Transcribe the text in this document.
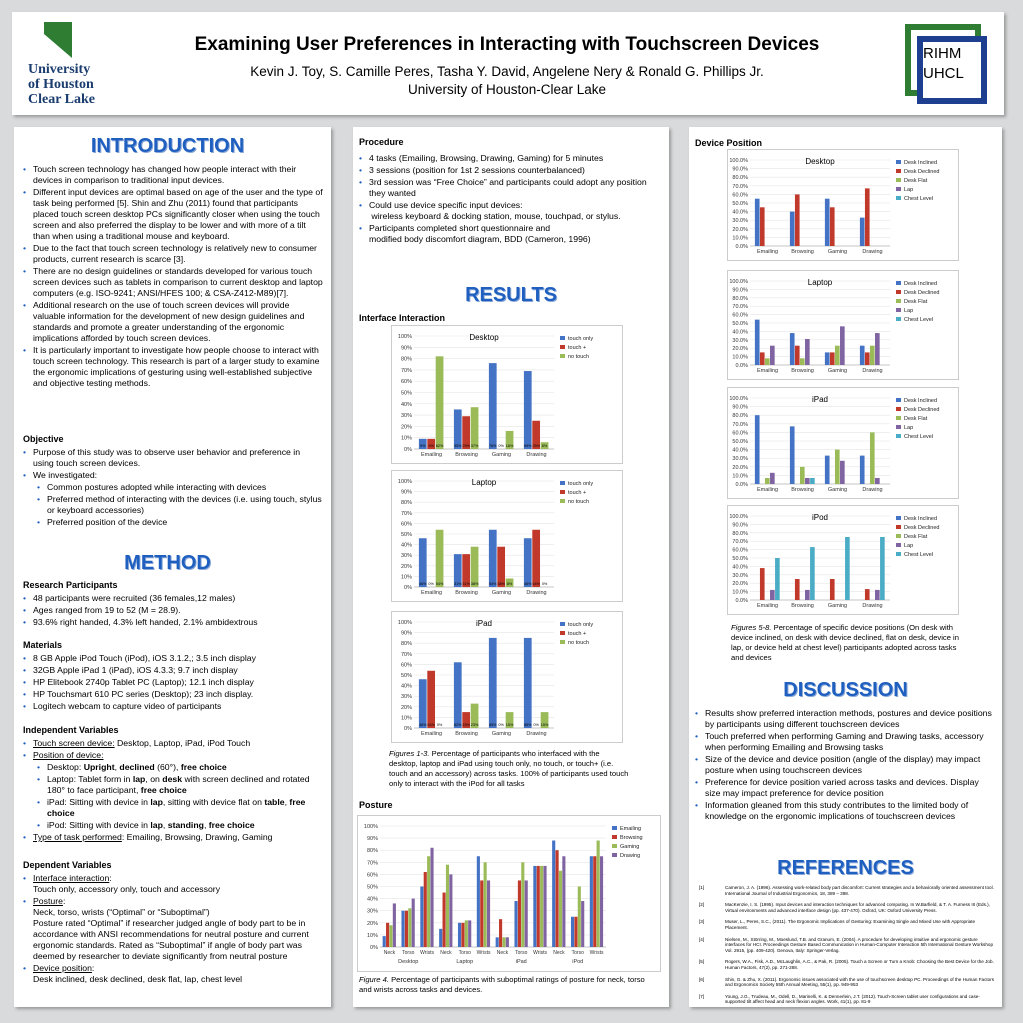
University
of Houston
Clear Lake
Examining User Preferences in Interacting with Touchscreen Devices
Kevin J. Toy, S. Camille Peres, Tasha Y. David, Angelene Nery & Ronald G. Phillips Jr.
University of Houston-Clear Lake
RIHM
UHCL
INTRODUCTION
• Touch screen technology has changed how people interact with their devices in comparison to traditional input devices.
• Different input devices are optimal based on age of the user and the type of task being performed [5]. Shin and Zhu (2011) found that participants placed touch screen desktop PCs significantly closer when using the touch screen and also preferred the display to be lower and with more of a tilt than when using a traditional mouse and keyboard.
• Due to the fact that touch screen technology is relatively new to consumer products, current research is scarce [3].
• There are no design guidelines or standards developed for various touch screen devices such as tablets in comparison to current desktop and laptop computers (e.g. ISO-9241; ANSI/HFES 100; & CSA-Z412-M89)[7].
• Additional research on the use of touch screen devices will provide valuable information for the development of new design guidelines and standards and promote a greater understanding of the ergonomic implications afforded by touch screen devices.
• It is particularly important to investigate how people choose to interact with touch screen technology. This research is part of a larger study to examine the ergonomic implications of gesturing using well-established subjective and objective testing methods.
Objective
• Purpose of this study was to observe user behavior and preference in using touch screen devices.
• We investigated:
• Common postures adopted while interacting with devices
• Preferred method of interacting with the devices (i.e. using touch, stylus or keyboard accessories)
• Preferred position of the device
METHOD
Research Participants
• 48 participants were recruited (36 females,12 males)
• Ages ranged from 19 to 52 (M = 28.9).
• 93.6% right handed, 4.3% left handed, 2.1% ambidextrous
Materials
• 8 GB Apple iPod Touch (iPod), iOS 3.1.2,; 3.5 inch display
• 32GB Apple iPad 1 (iPad), iOS 4.3.3; 9.7 inch display
• HP Elitebook 2740p Tablet PC (Laptop); 12.1 inch display
• HP Touchsmart 610 PC series (Desktop); 23 inch display.
• Logitech webcam to capture video of participants
Independent Variables
• Touch screen device: Desktop, Laptop, iPad, iPod Touch
• Position of device:
• Desktop: Upright, declined (60°), free choice
• Laptop: Tablet form in lap, on desk with screen declined and rotated 180° to face participant, free choice
• iPad: Sitting with device in lap, sitting with device flat on table, free choice
• iPod: Sitting with device in lap, standing, free choice
• Type of task performed: Emailing, Browsing, Drawing, Gaming
Dependent Variables
• Interface interaction:
Touch only, accessory only, touch and accessory
• Posture:
Neck, torso, wrists (“Optimal” or “Suboptimal”)
Posture rated “Optimal” if researcher judged angle of body part to be in accordance with ANSI recommendations for neutral posture and current ergonomic standards. Rated as “Suboptimal” if angle of body part was deemed by researcher to deviate significantly from neutral posture
• Device position:
Desk inclined, desk declined, desk flat, lap, chest level
Procedure
• 4 tasks (Emailing, Browsing, Drawing, Gaming) for 5 minutes
• 3 sessions (position for 1st 2 sessions counterbalanced)
• 3rd session was “Free Choice” and participants could adopt any position they wanted
• Could use device specific input devices:
wireless keyboard & docking station, mouse, touchpad, or stylus.
• Participants completed short questionnaire and
modified body discomfort diagram, BDD (Cameron, 1996)
RESULTS
Interface Interaction
100%
90%
80%
70%
60%
50%
40%
30%
20%
10%
0%
Desktop
9% 9% 82%
Emailing
35% 29% 37%
Browsing
76% 0% 16%
Gaming
69% 25% 6%
Drawing
touch only
touch +
no touch
100%
90%
80%
70%
60%
50%
40%
30%
20%
10%
0%
Laptop
46% 0% 54%
Emailing
31% 31% 38%
Browsing
54% 38% 8%
Gaming
46% 54% 0%
Drawing
touch only
touch +
no touch
100%
90%
80%
70%
60%
50%
40%
30%
20%
10%
0%
iPad
46% 54% 0%
Emailing
62% 15% 23%
Browsing
85% 0% 15%
Gaming
85% 0% 15%
Drawing
touch only
touch +
no touch
Figures 1-3. Percentage of participants who interfaced with the desktop, laptop and iPad using touch only, no touch, or touch+ (i.e. touch and an accessory) across tasks. 100% of participants used touch only to interact with the iPod for all tasks
Posture
100%
90%
80%
70%
60%
50%
40%
30%
20%
10%
0%
Neck Torso Wrists Neck Torso Wrists Neck Torso Wrists Neck Torso Wrists
Desktop	Laptop	iPad	iPod
Emailing
Browsing
Gaming
Drawing
Figure 4. Percentage of participants with suboptimal ratings of posture for neck, torso and wrists across tasks and devices.
Device Position
100.0%
90.0%
80.0%
70.0%
60.0%
50.0%
40.0%
30.0%
20.0%
10.0%
0.0%
Desktop
Emailing Browsing	Gaming	Drawing
Desk Inclined
Desk Declined
Desk Flat
Lap
Chest Level
100.0%
90.0%
80.0%
70.0%
60.0%
50.0%
40.0%
30.0%
20.0%
10.0%
0.0%
Laptop
Emailing Browsing	Gaming	Drawing
Desk Inclined
Desk Declined
Desk Flat
Lap
Chest Level
100.0%
90.0%
80.0%
70.0%
60.0%
50.0%
40.0%
30.0%
20.0%
10.0%
0.0%
iPad
Emailing Browsing	Gaming	Drawing
Desk Inclined
Desk Declined
Desk Flat
Lap
Chest Level
100.0%
90.0%
80.0%
70.0%
60.0%
50.0%
40.0%
30.0%
20.0%
10.0%
0.0%
iPod
Emailing Browsing	Gaming	Drawing
Desk Inclined
Desk Declined
Desk Flat
Lap
Chest Level
Figures 5-8. Percentage of specific device positions (On desk with device inclined, on desk with device declined, flat on desk, device in lap, or device held at chest level) participants adopted across tasks and devices
DISCUSSION
• Results show preferred interaction methods, postures and device positions by participants using different touchscreen devices
• Touch preferred when performing Gaming and Drawing tasks, accessory when performing Emailing and Browsing tasks
• Size of the device and device position (angle of the display) may impact posture when using touchscreen devices
• Preference for device position varied across tasks and devices. Display size may impact preference for device position
• Information gleaned from this study contributes to the limited body of knowledge on the ergonomic implications of touchscreen devices
REFERENCES
[1]	Cameron, J. A. (1996). Assessing work-related body part discomfort: Current strategies and a behaviorally oriented assessment tool. International Journal of Industrial Ergonomics, 18, 389 – 398.
[2]	MacKenzie, I. S. (1995). Input devices and interaction techniques for advanced computing. In W.Barfield, & T. A. Furness III (Eds.), Virtual environments and advanced interface design (pp. 437-470). Oxford, UK: Oxford University Press.
[3]	Muser, L., Peres, S.C., (2011). The Ergonomic Implications of Gesturing: Examining Single and Mixed Use with Appropriate Placement.
[4]	Nielsen, M., Störring, M., Moeslund, T.B. and Granum, E. (2004). A procedure for developing intuitive and ergonomic gesture interfaces for HCI. Proceedings Gesture Based Communication in Human-Computer Interaction 5th International Gesture Workshop Vol. 2915, (pp. 409-420). Genova, Italy: Springer-Verlag.
[5]	Rogers, W.A., Fisk, A.D., McLaughlin, A.C., & Pak, R. (2005). Touch a Screen or Turn a Knob: Choosing the Best Device for the Job. Human Factors, 47(2), pp. 271-288.
[6]	Shin, G. & Zhu, X. (2011). Ergonomic issues associated with the use of touchscreen desktop PC. Proceedings of the Human Factors and Ergonomics Society 55th Annual Meeting, 55(1), pp. 949-953
[7]	Young, J.G., Trudeau, M., Odell, D., Marinelli, K. & Dennerlein, J.T. (2012). Touch-Screen tablet user configurations and case-supported tilt affect head and neck flexion angles. Work, 41(1), pp. 81-9
